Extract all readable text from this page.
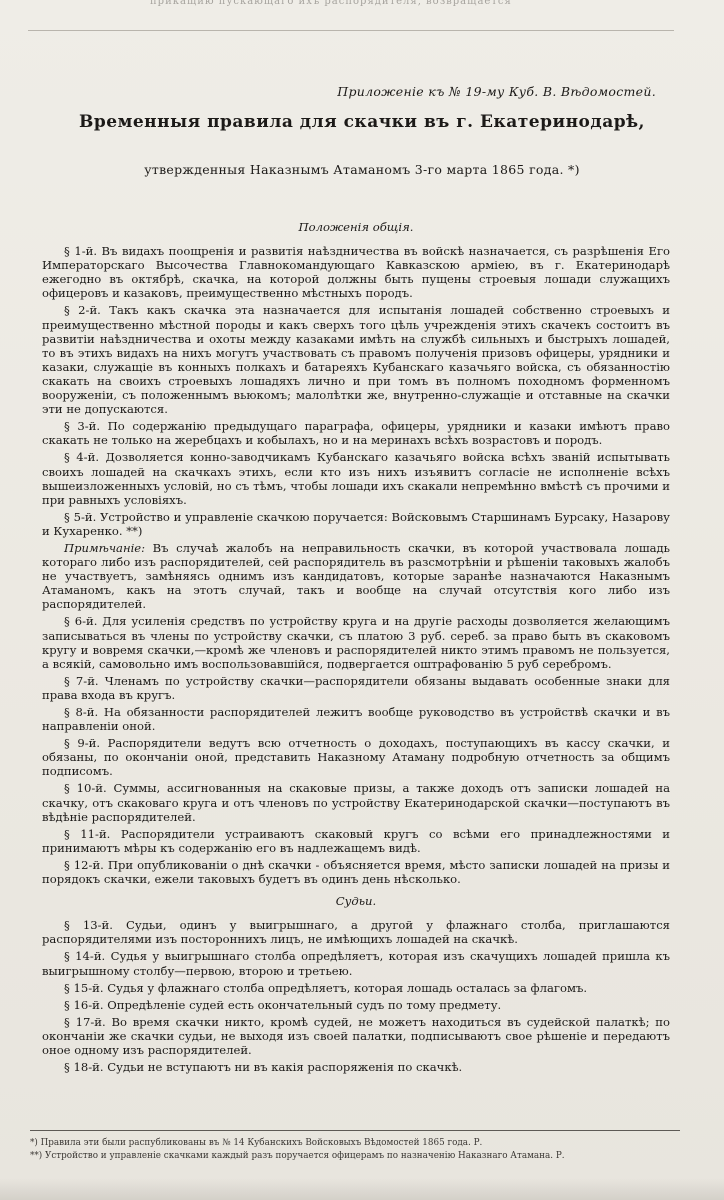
прикащию пускающаго ихъ распорядителя, возвращается
Приложеніе къ № 19-му Куб. В. Вѣдомостей.
Временныя правила для скачки въ г. Екатеринодарѣ,
утвержденныя Наказнымъ Атаманомъ 3-го марта 1865 года. *)

Положенія общія.

§ 1-й. Въ видахъ поощренія и развитія наѣздничества въ войскѣ назначается, съ разрѣшенія Его Императорскаго Высочества Главнокомандующаго Кавказскою арміею, въ г. Екатеринодарѣ ежегодно въ октябрѣ, скачка, на которой должны быть пущены строевыя лошади служащихъ офицеровъ и казаковъ, преимущественно мѣстныхъ породъ.

§ 2-й. Такъ какъ скачка эта назначается для испытанія лошадей собственно строевыхъ и преимущественно мѣстной породы и какъ сверхъ того цѣль учрежденія этихъ скачекъ состоитъ въ развитіи наѣздничества и охоты между казаками имѣть на службѣ сильныхъ и быстрыхъ лошадей, то въ этихъ видахъ на нихъ могутъ участвовать съ правомъ полученія призовъ офицеры, урядники и казаки, служащіе въ конныхъ полкахъ и батареяхъ Кубанскаго казачьяго войска, съ обязанностію скакать на своихъ строевыхъ лошадяхъ лично и при томъ въ полномъ походномъ форменномъ вооруженіи, съ положеннымъ вьюкомъ; малолѣтки же, внутренно-служащіе и отставные на скачки эти не допускаются.

§ 3-й. По содержанію предыдущаго параграфа, офицеры, урядники и казаки имѣютъ право скакать не только на жеребцахъ и кобылахъ, но и на меринахъ всѣхъ возрастовъ и породъ.

§ 4-й. Дозволяется конно-заводчикамъ Кубанскаго казачьяго войска всѣхъ званій испытывать своихъ лошадей на скачкахъ этихъ, если кто изъ нихъ изъявитъ согласіе не исполненіе всѣхъ вышеизложенныхъ условій, но съ тѣмъ, чтобы лошади ихъ скакали непремѣнно вмѣстѣ съ прочими и при равныхъ условіяхъ.

§ 5-й. Устройство и управленіе скачкою поручается: Войсковымъ Старшинамъ Бурсаку, Назарову и Кухаренко. **)

Примѣчаніе: Въ случаѣ жалобъ на неправильность скачки, въ которой участвовала лошадь котораго либо изъ распорядителей, сей распорядитель въ разсмотрѣніи и рѣшеніи таковыхъ жалобъ не участвуетъ, замѣняясь однимъ изъ кандидатовъ, которые заранѣе назначаются Наказнымъ Атаманомъ, какъ на этотъ случай, такъ и вообще на случай отсутствія кого либо изъ распорядителей.

§ 6-й. Для усиленія средствъ по устройству круга и на другіе расходы дозволяется желающимъ записываться въ члены по устройству скачки, съ платою 3 руб. сереб. за право быть въ скаковомъ кругу и вовремя скачки,—кромѣ же членовъ и распорядителей никто этимъ правомъ не пользуется, а всякій, самовольно имъ воспользовавшійся, подвергается оштрафованію 5 руб серебромъ.

§ 7-й. Членамъ по устройству скачки—распорядители обязаны выдавать особенные знаки для права входа въ кругъ.

§ 8-й. На обязанности распорядителей лежитъ вообще руководство въ устройствѣ скачки и въ направленіи оной.

§ 9-й. Распорядители ведутъ всю отчетность о доходахъ, поступающихъ въ кассу скачки, и обязаны, по окончаніи оной, представить Наказному Атаману подробную отчетность за общимъ подписомъ.

§ 10-й. Суммы, ассигнованныя на скаковые призы, а также доходъ отъ записки лошадей на скачку, отъ скаковаго круга и отъ членовъ по устройству Екатеринодарской скачки—поступаютъ въ вѣдѣніе распорядителей.

§ 11-й. Распорядители устраиваютъ скаковый кругъ со всѣми его принадлежностями и принимаютъ мѣры къ содержанію его въ надлежащемъ видѣ.

§ 12-й. При опубликованіи о днѣ скачки - объясняется время, мѣсто записки лошадей на призы и порядокъ скачки, ежели таковыхъ будетъ въ одинъ день нѣсколько.

Судьи.

§ 13-й. Судьи, одинъ у выигрышнаго, а другой у флажнаго столба, приглашаются распорядителями изъ постороннихъ лицъ, не имѣющихъ лошадей на скачкѣ.

§ 14-й. Судья у выигрышнаго столба опредѣляетъ, которая изъ скачущихъ лошадей пришла къ выигрышному столбу—первою, второю и третьею.

§ 15-й. Судья у флажнаго столба опредѣляетъ, которая лошадь осталась за флагомъ.

§ 16-й. Опредѣленіе судей есть окончательный судъ по тому предмету.

§ 17-й. Во время скачки никто, кромѣ судей, не можетъ находиться въ судейской палаткѣ; по окончаніи же скачки судьи, не выходя изъ своей палатки, подписываютъ свое рѣшеніе и передаютъ оное одному изъ распорядителей.

§ 18-й. Судьи не вступаютъ ни въ какія распоряженія по скачкѣ.

*) Правила эти были распубликованы въ № 14 Кубанскихъ Войсковыхъ Вѣдомостей 1865 года. Р.
**) Устройство и управленіе скачками каждый разъ поручается офицерамъ по назначенію Наказнаго Атамана. Р.
